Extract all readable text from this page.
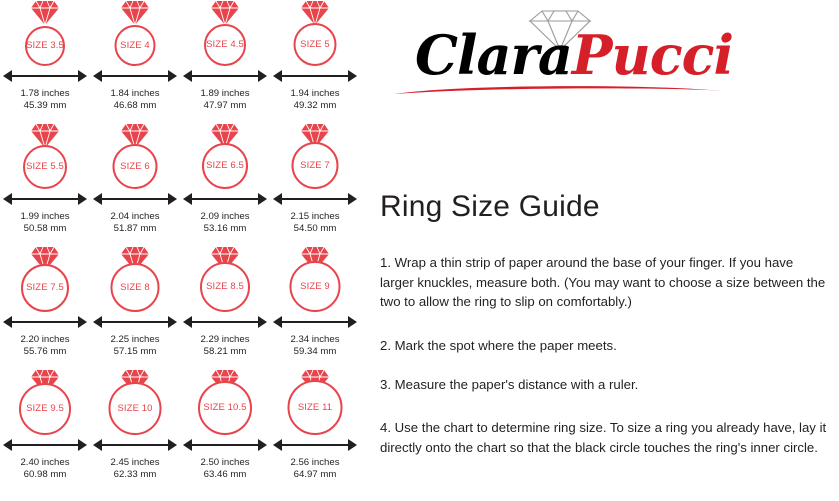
SIZE 3.5
1.78 inches
45.39 mm
SIZE 4
1.84 inches
46.68 mm
SIZE 4.5
1.89 inches
47.97 mm
SIZE 5
1.94 inches
49.32 mm
SIZE 5.5
1.99 inches
50.58 mm
SIZE 6
2.04 inches
51.87 mm
SIZE 6.5
2.09 inches
53.16 mm
SIZE 7
2.15 inches
54.50 mm
SIZE 7.5
2.20 inches
55.76 mm
SIZE 8
2.25 inches
57.15 mm
SIZE 8.5
2.29 inches
58.21 mm
SIZE 9
2.34 inches
59.34 mm
SIZE 9.5
2.40 inches
60.98 mm
SIZE 10
2.45 inches
62.33 mm
SIZE 10.5
2.50 inches
63.46 mm
SIZE 11
2.56 inches
64.97 mm
ClaraPucci
Ring Size Guide
1. Wrap a thin strip of paper around the base of your finger. If you have larger knuckles, measure both. (You may want to choose a size between the two to allow the ring to slip on comfortably.)
2. Mark the spot where the paper meets.
3. Measure the paper's distance with a ruler.
4. Use the chart to determine ring size. To size a ring you already have, lay it directly onto the chart so that the black circle touches the ring's inner circle.
